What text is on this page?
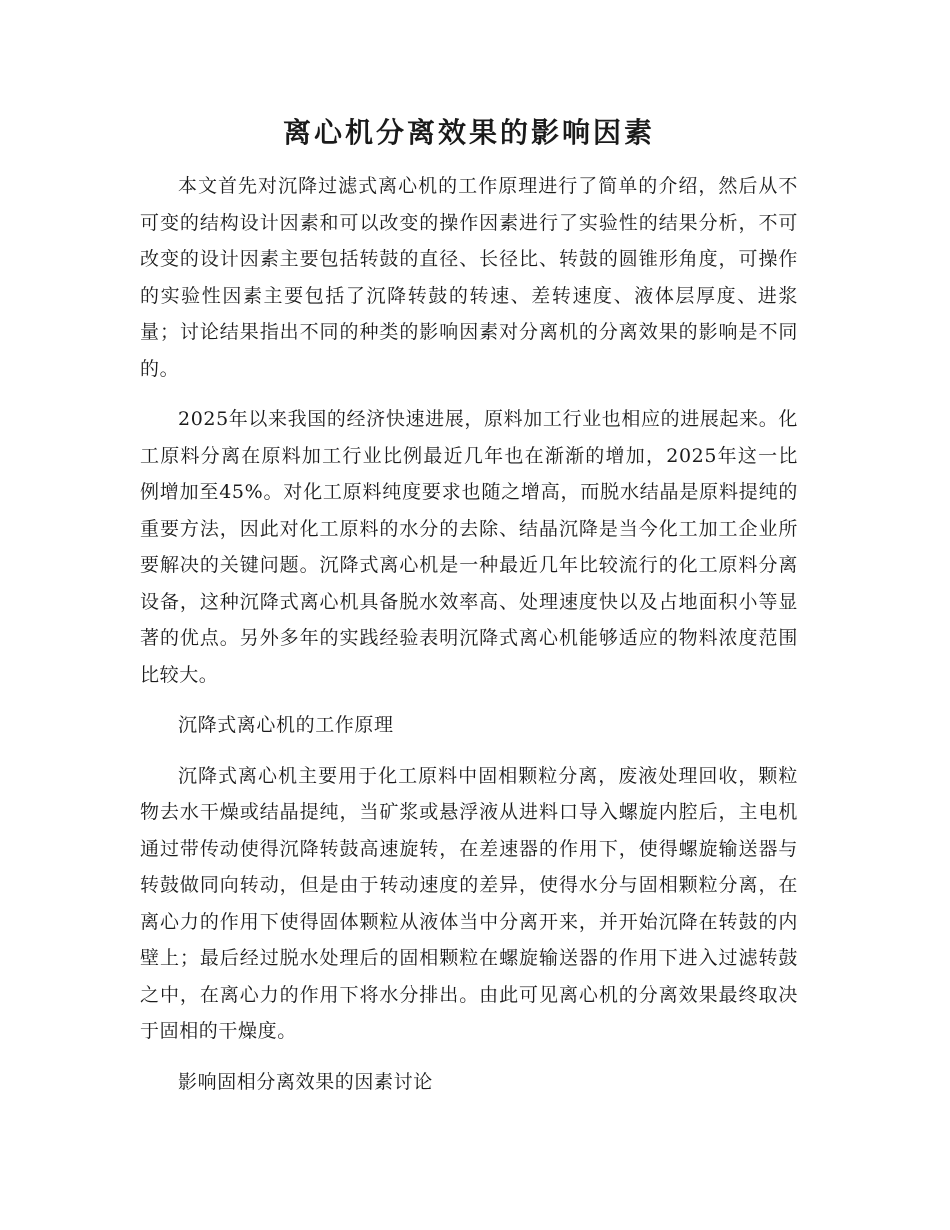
离心机分离效果的影响因素

本文首先对沉降过滤式离心机的工作原理进行了简单的介绍，然后从不可变的结构设计因素和可以改变的操作因素进行了实验性的结果分析，不可改变的设计因素主要包括转鼓的直径、长径比、转鼓的圆锥形角度，可操作的实验性因素主要包括了沉降转鼓的转速、差转速度、液体层厚度、进浆量；讨论结果指出不同的种类的影响因素对分离机的分离效果的影响是不同的。

2025年以来我国的经济快速进展，原料加工行业也相应的进展起来。化工原料分离在原料加工行业比例最近几年也在渐渐的增加，2025年这一比例增加至45%。对化工原料纯度要求也随之增高，而脱水结晶是原料提纯的重要方法，因此对化工原料的水分的去除、结晶沉降是当今化工加工企业所要解决的关键问题。沉降式离心机是一种最近几年比较流行的化工原料分离设备，这种沉降式离心机具备脱水效率高、处理速度快以及占地面积小等显著的优点。另外多年的实践经验表明沉降式离心机能够适应的物料浓度范围比较大。

沉降式离心机的工作原理

沉降式离心机主要用于化工原料中固相颗粒分离，废液处理回收，颗粒物去水干燥或结晶提纯，当矿浆或悬浮液从进料口导入螺旋内腔后，主电机通过带传动使得沉降转鼓高速旋转，在差速器的作用下，使得螺旋输送器与转鼓做同向转动，但是由于转动速度的差异，使得水分与固相颗粒分离，在离心力的作用下使得固体颗粒从液体当中分离开来，并开始沉降在转鼓的内壁上；最后经过脱水处理后的固相颗粒在螺旋输送器的作用下进入过滤转鼓之中，在离心力的作用下将水分排出。由此可见离心机的分离效果最终取决于固相的干燥度。

影响固相分离效果的因素讨论
